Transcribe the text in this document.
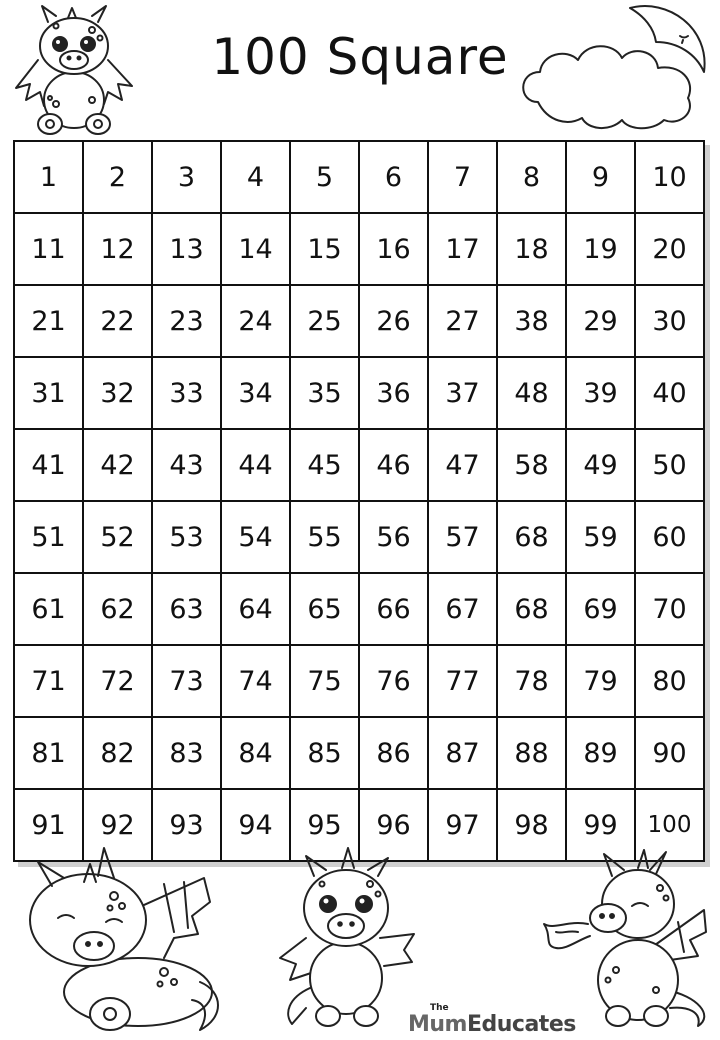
100 Square
1	2	3	4	5	6	7	8	9	10
11	12	13	14	15	16	17	18	19	20
21	22	23	24	25	26	27	38	29	30
31	32	33	34	35	36	37	48	39	40
41	42	43	44	45	46	47	58	49	50
51	52	53	54	55	56	57	68	59	60
61	62	63	64	65	66	67	68	69	70
71	72	73	74	75	76	77	78	79	80
81	82	83	84	85	86	87	88	89	90
91	92	93	94	95	96	97	98	99	100
The
MumEducates
